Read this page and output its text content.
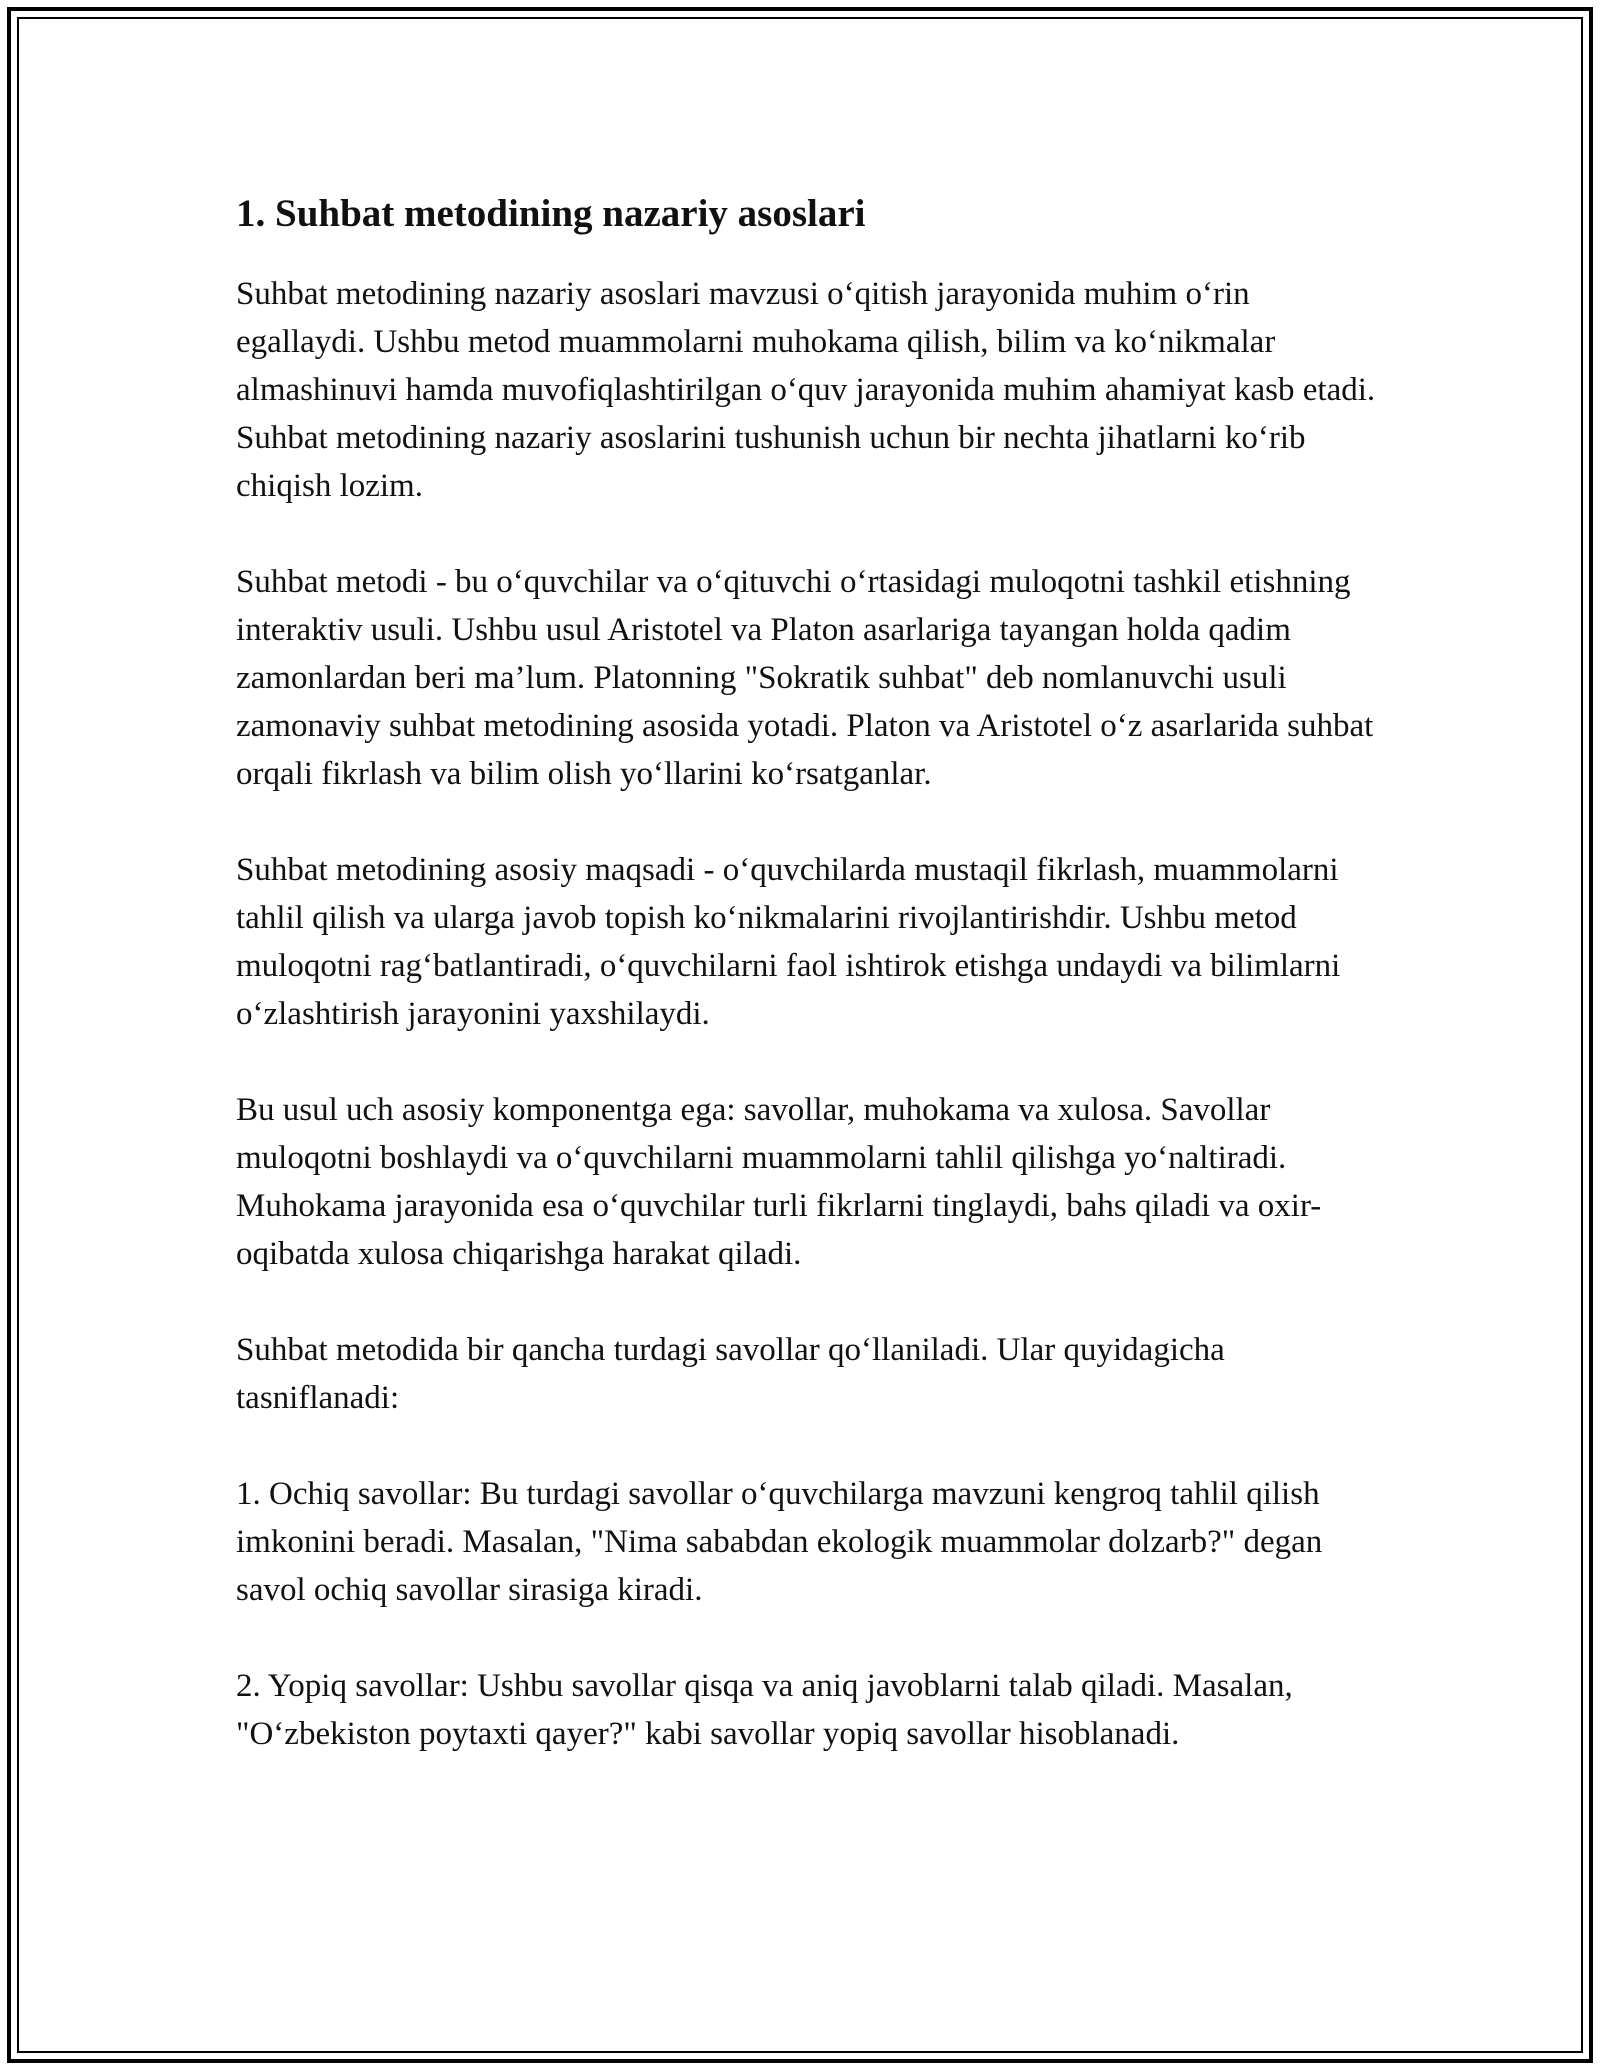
1. Suhbat metodining nazariy asoslari

Suhbat metodining nazariy asoslari mavzusi o‘qitish jarayonida muhim o‘rin egallaydi. Ushbu metod muammolarni muhokama qilish, bilim va ko‘nikmalar almashinuvi hamda muvofiqlashtirilgan o‘quv jarayonida muhim ahamiyat kasb etadi. Suhbat metodining nazariy asoslarini tushunish uchun bir nechta jihatlarni ko‘rib chiqish lozim.

Suhbat metodi - bu o‘quvchilar va o‘qituvchi o‘rtasidagi muloqotni tashkil etishning interaktiv usuli. Ushbu usul Aristotel va Platon asarlariga tayangan holda qadim zamonlardan beri ma’lum. Platonning "Sokratik suhbat" deb nomlanuvchi usuli zamonaviy suhbat metodining asosida yotadi. Platon va Aristotel o‘z asarlarida suhbat orqali fikrlash va bilim olish yo‘llarini ko‘rsatganlar.

Suhbat metodining asosiy maqsadi - o‘quvchilarda mustaqil fikrlash, muammolarni tahlil qilish va ularga javob topish ko‘nikmalarini rivojlantirishdir. Ushbu metod muloqotni rag‘batlantiradi, o‘quvchilarni faol ishtirok etishga undaydi va bilimlarni o‘zlashtirish jarayonini yaxshilaydi.

Bu usul uch asosiy komponentga ega: savollar, muhokama va xulosa. Savollar muloqotni boshlaydi va o‘quvchilarni muammolarni tahlil qilishga yo‘naltiradi. Muhokama jarayonida esa o‘quvchilar turli fikrlarni tinglaydi, bahs qiladi va oxir-oqibatda xulosa chiqarishga harakat qiladi.

Suhbat metodida bir qancha turdagi savollar qo‘llaniladi. Ular quyidagicha tasniflanadi:

1. Ochiq savollar: Bu turdagi savollar o‘quvchilarga mavzuni kengroq tahlil qilish imkonini beradi. Masalan, "Nima sababdan ekologik muammolar dolzarb?" degan savol ochiq savollar sirasiga kiradi.

2. Yopiq savollar: Ushbu savollar qisqa va aniq javoblarni talab qiladi. Masalan, "O‘zbekiston poytaxti qayer?" kabi savollar yopiq savollar hisoblanadi.
